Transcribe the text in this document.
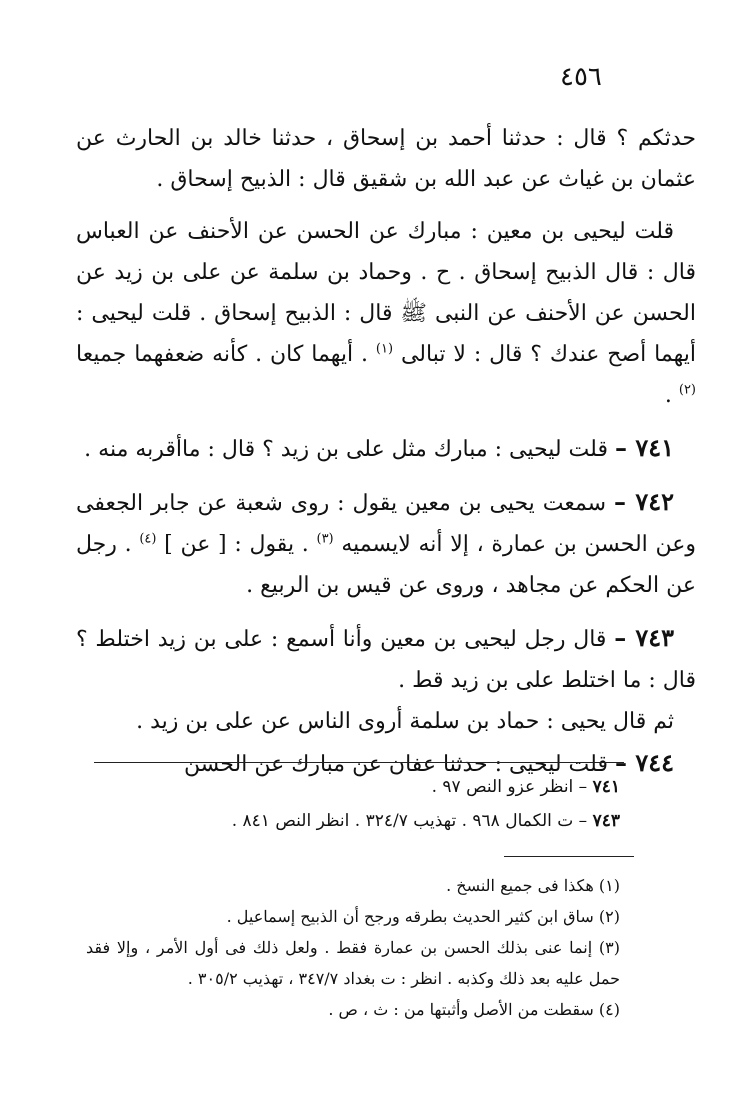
٤٥٦

حدثكم ؟ قال : حدثنا أحمد بن إسحاق ، حدثنا خالد بن الحارث عن عثمان بن غياث عن عبد الله بن شقيق قال : الذبيح إسحاق .

قلت ليحيى بن معين : مبارك عن الحسن عن الأحنف عن العباس قال : قال الذبيح إسحاق . ح . وحماد بن سلمة عن على بن زيد عن الحسن عن الأحنف عن النبى ﷺ قال : الذبيح إسحاق . قلت ليحيى : أيهما أصح عندك ؟ قال : لا تبالى $^{(١)}$ . أيهما كان . كأنه ضعفهما جميعا $^{(٢)}$ .

٧٤١ – قلت ليحيى : مبارك مثل على بن زيد ؟ قال : ماأقربه منه .

٧٤٢ – سمعت يحيى بن معين يقول : روى شعبة عن جابر الجعفى وعن الحسن بن عمارة ، إلا أنه لايسميه $^{(٣)}$ . يقول : [ عن ] $^{(٤)}$ . رجل عن الحكم عن مجاهد ، وروى عن قيس بن الربيع .

٧٤٣ – قال رجل ليحيى بن معين وأنا أسمع : على بن زيد اختلط ؟ قال : ما اختلط على بن زيد قط .

ثم قال يحيى : حماد بن سلمة أروى الناس عن على بن زيد .

٧٤٤ – قلت ليحيى : حدثنا عفان عن مبارك عن الحسن

٧٤١ – انظر عزو النص ٩٧ .
٧٤٣ – ت الكمال ٩٦٨ . تهذيب ٣٢٤/٧ . انظر النص ٨٤١ .
(١) هكذا فى جميع النسخ .
(٢) ساق ابن كثير الحديث بطرقه ورجح أن الذبيح إسماعيل .
(٣) إنما عنى بذلك الحسن بن عمارة فقط . ولعل ذلك فى أول الأمر ، وإلا فقد حمل عليه بعد ذلك وكذبه . انظر : ت بغداد ٣٤٧/٧ ، تهذيب ٣٠٥/٢ .
(٤) سقطت من الأصل وأثبتها من : ث ، ص .
